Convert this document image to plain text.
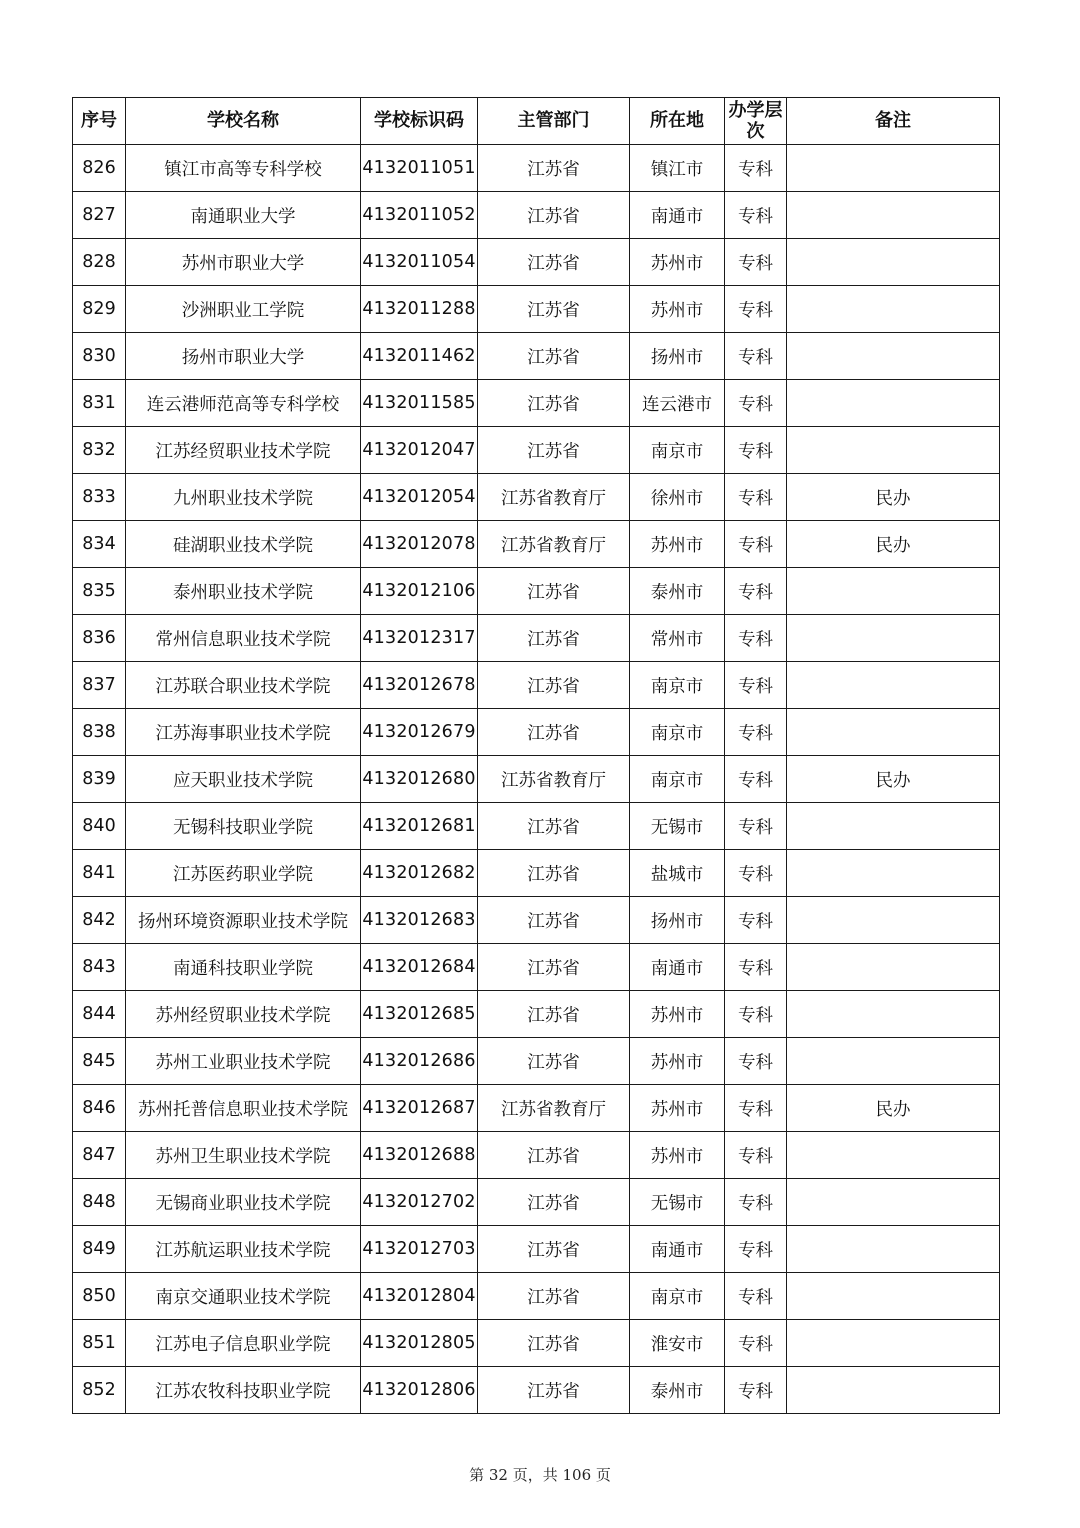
序号	学校名称	学校标识码	主管部门	所在地	办学层次	备注
826	镇江市高等专科学校	4132011051	江苏省	镇江市	专科	
827	南通职业大学	4132011052	江苏省	南通市	专科	
828	苏州市职业大学	4132011054	江苏省	苏州市	专科	
829	沙洲职业工学院	4132011288	江苏省	苏州市	专科	
830	扬州市职业大学	4132011462	江苏省	扬州市	专科	
831	连云港师范高等专科学校	4132011585	江苏省	连云港市	专科	
832	江苏经贸职业技术学院	4132012047	江苏省	南京市	专科	
833	九州职业技术学院	4132012054	江苏省教育厅	徐州市	专科	民办
834	硅湖职业技术学院	4132012078	江苏省教育厅	苏州市	专科	民办
835	泰州职业技术学院	4132012106	江苏省	泰州市	专科	
836	常州信息职业技术学院	4132012317	江苏省	常州市	专科	
837	江苏联合职业技术学院	4132012678	江苏省	南京市	专科	
838	江苏海事职业技术学院	4132012679	江苏省	南京市	专科	
839	应天职业技术学院	4132012680	江苏省教育厅	南京市	专科	民办
840	无锡科技职业学院	4132012681	江苏省	无锡市	专科	
841	江苏医药职业学院	4132012682	江苏省	盐城市	专科	
842	扬州环境资源职业技术学院	4132012683	江苏省	扬州市	专科	
843	南通科技职业学院	4132012684	江苏省	南通市	专科	
844	苏州经贸职业技术学院	4132012685	江苏省	苏州市	专科	
845	苏州工业职业技术学院	4132012686	江苏省	苏州市	专科	
846	苏州托普信息职业技术学院	4132012687	江苏省教育厅	苏州市	专科	民办
847	苏州卫生职业技术学院	4132012688	江苏省	苏州市	专科	
848	无锡商业职业技术学院	4132012702	江苏省	无锡市	专科	
849	江苏航运职业技术学院	4132012703	江苏省	南通市	专科	
850	南京交通职业技术学院	4132012804	江苏省	南京市	专科	
851	江苏电子信息职业学院	4132012805	江苏省	淮安市	专科	
852	江苏农牧科技职业学院	4132012806	江苏省	泰州市	专科	
第 32 页，共 106 页
